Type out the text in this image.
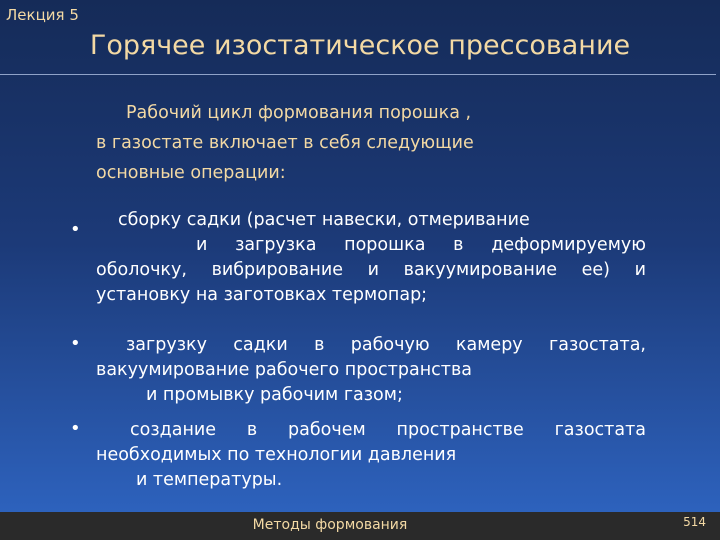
Лекция 5
Горячее изостатическое прессование

Рабочий цикл формования порошка ,

в газостате включает в себя следующие

основные операции:

•	сборку садки (расчет навески, отмеривание

и загрузка порошка в деформируемую

оболочку, вибрирование и вакуумирование ее) и

установку на заготовках термопар;

•	загрузку садки в рабочую камеру газостата,

вакуумирование рабочего пространства

и промывку рабочим газом;

•	создание в рабочем пространстве газостата

необходимых по технологии давления

и температуры.

Методы формования	514
